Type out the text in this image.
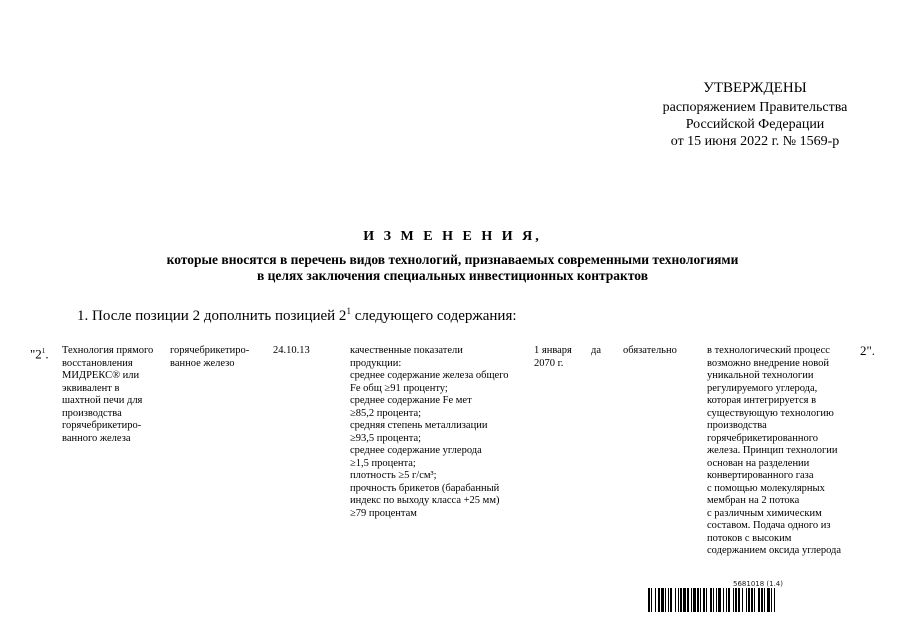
УТВЕРЖДЕНЫ
распоряжением Правительства
Российской Федерации
от 15 июня 2022 г. № 1569-р
И З М Е Н Е Н И Я,
которые вносятся в перечень видов технологий, признаваемых современными технологиями
в целях заключения специальных инвестиционных контрактов
1. После позиции 2 дополнить позицией $2^1$ следующего содержания:
"$2^1$. Технология прямого
восстановления
МИДРЕКС® или
эквивалент в
шахтной печи для
производства
горячебрикетиро-
ванного железа
горячебрикетиро-
ванное железо
24.10.13	качественные показатели
продукции:
среднее содержание железа общего
Fe общ ≥91 проценту;
среднее содержание Fe мет
≥85,2 процента;
средняя степень металлизации
≥93,5 процента;
среднее содержание углерода
≥1,5 процента;
плотность ≥5 г/см³;
прочность брикетов (барабанный
индекс по выходу класса +25 мм)
≥79 процентам
1 января
2070 г.
да обязательно	в технологический процесс
возможно внедрение новой
уникальной технологии
регулируемого углерода,
которая интегрируется в
существующую технологию
производства
горячебрикетированного
железа. Принцип технологии
основан на разделении
конвертированного газа
с помощью молекулярных
мембран на 2 потока
с различным химическим
составом. Подача одного из
потоков с высоким
содержанием оксида углерода
2".
5681018 (1.4)
